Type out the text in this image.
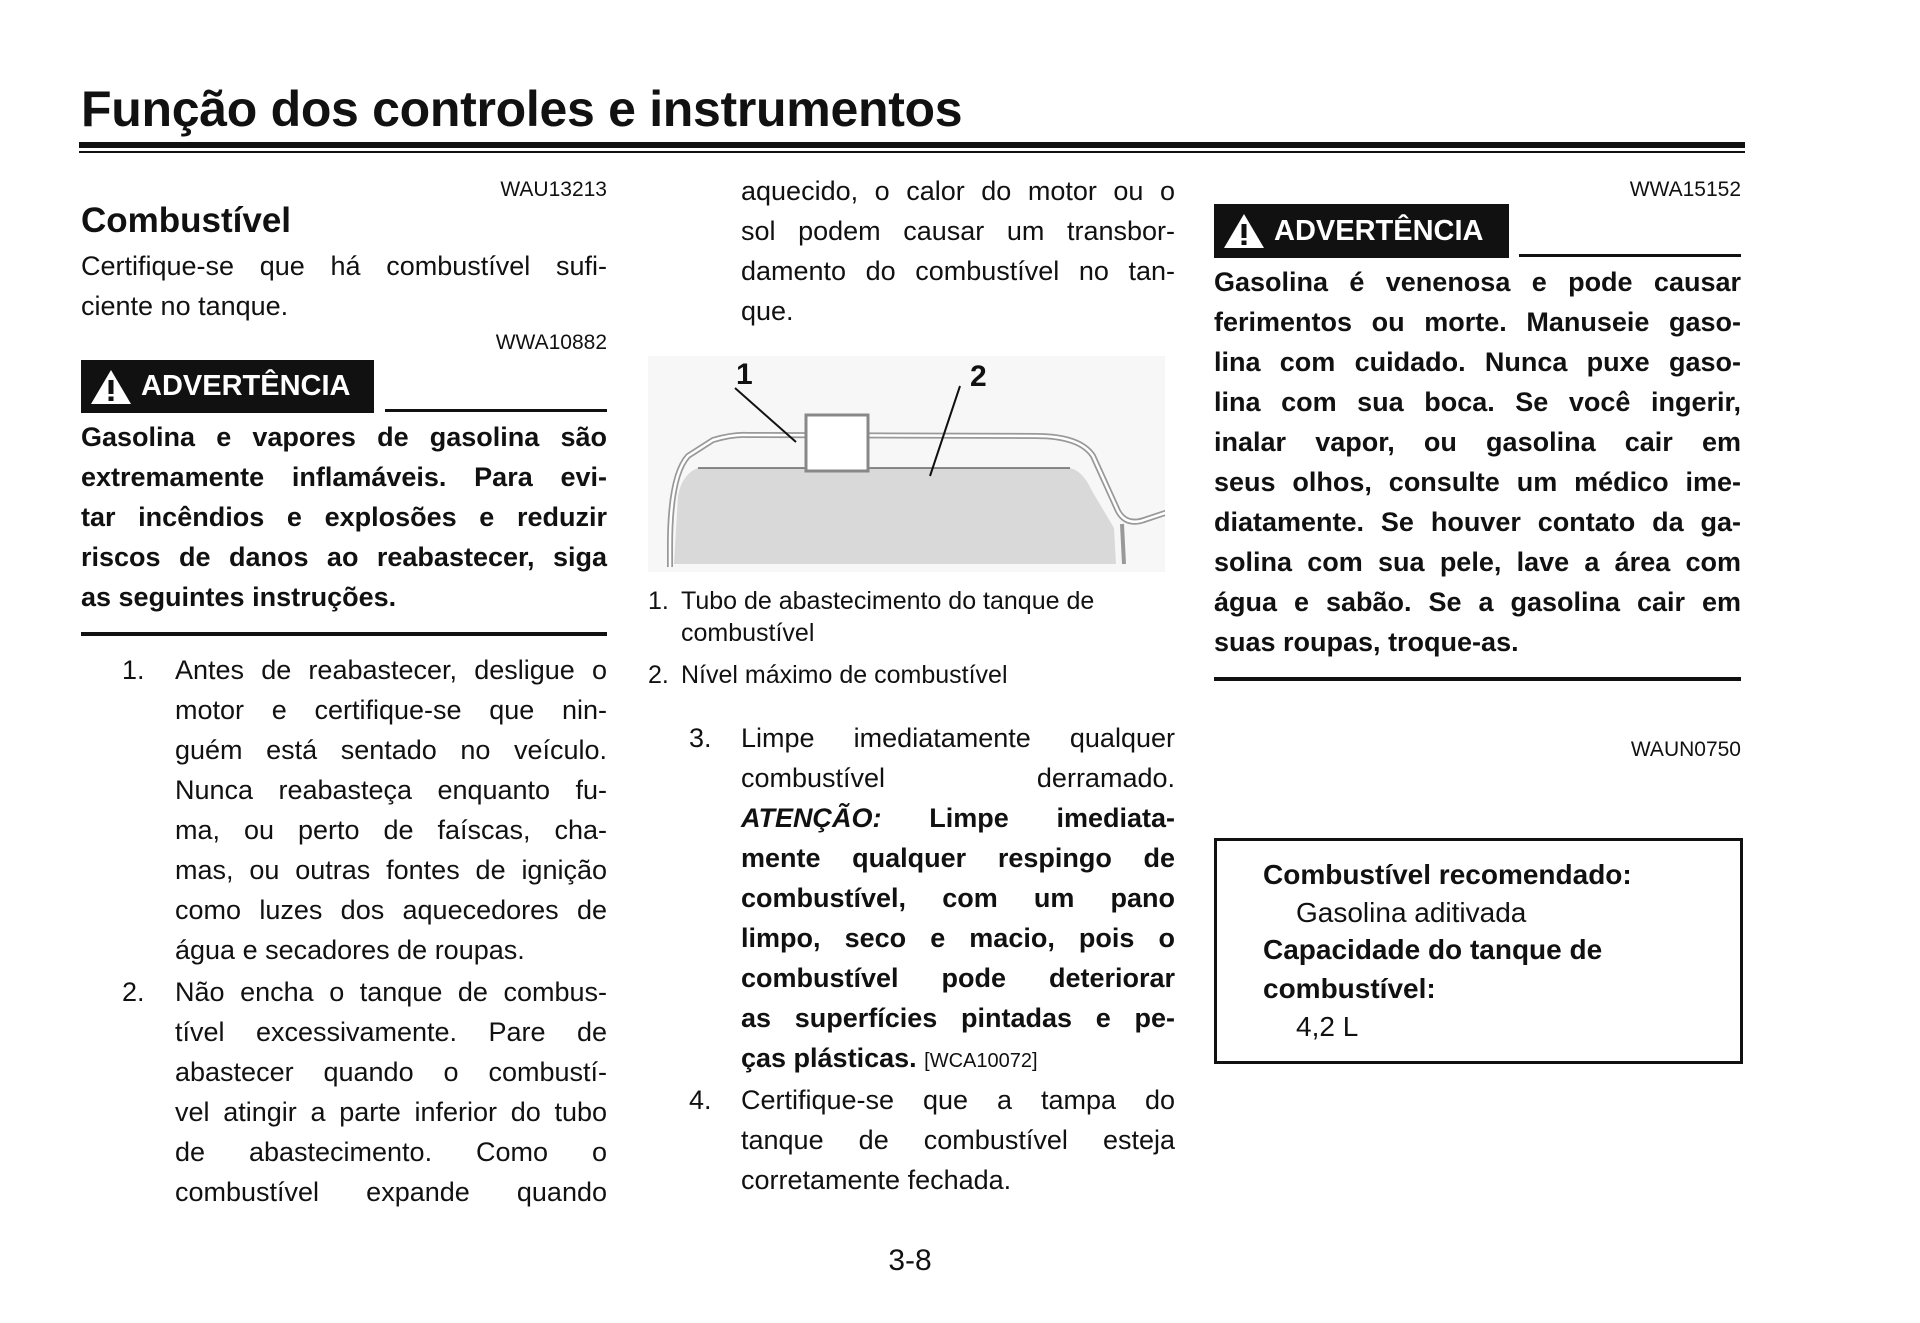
Função dos controles e instrumentos
WAU13213
Combustível
Certifique-se que há combustível sufi-
ciente no tanque.
WWA10882
ADVERTÊNCIA
Gasolina e vapores de gasolina são
extremamente inflamáveis. Para evi-
tar incêndios e explosões e reduzir
riscos de danos ao reabastecer, siga
as seguintes instruções.
1. Antes de reabastecer, desligue o
motor e certifique-se que nin-
guém está sentado no veículo.
Nunca reabasteça enquanto fu-
ma, ou perto de faíscas, cha-
mas, ou outras fontes de ignição
como luzes dos aquecedores de
água e secadores de roupas.
2. Não encha o tanque de combus-
tível excessivamente. Pare de
abastecer quando o combustí-
vel atingir a parte inferior do tubo
de abastecimento. Como o
combustível expande quando
aquecido, o calor do motor ou o
sol podem causar um transbor-
damento do combustível no tan-
que.
1	2
1. Tubo de abastecimento do tanque de
combustível
2. Nível máximo de combustível
3. Limpe imediatamente qualquer
combustível derramado.
ATENÇÃO: Limpe imediata-
mente qualquer respingo de
combustível, com um pano
limpo, seco e macio, pois o
combustível pode deteriorar
as superfícies pintadas e pe-
ças plásticas. [WCA10072]
4. Certifique-se que a tampa do
tanque de combustível esteja
corretamente fechada.
3-8
WWA15152
ADVERTÊNCIA
Gasolina é venenosa e pode causar
ferimentos ou morte. Manuseie gaso-
lina com cuidado. Nunca puxe gaso-
lina com sua boca. Se você ingerir,
inalar vapor, ou gasolina cair em
seus olhos, consulte um médico ime-
diatamente. Se houver contato da ga-
solina com sua pele, lave a área com
água e sabão. Se a gasolina cair em
suas roupas, troque-as.
WAUN0750
Combustível recomendado:
Gasolina aditivada
Capacidade do tanque de
combustível:
4,2 L
